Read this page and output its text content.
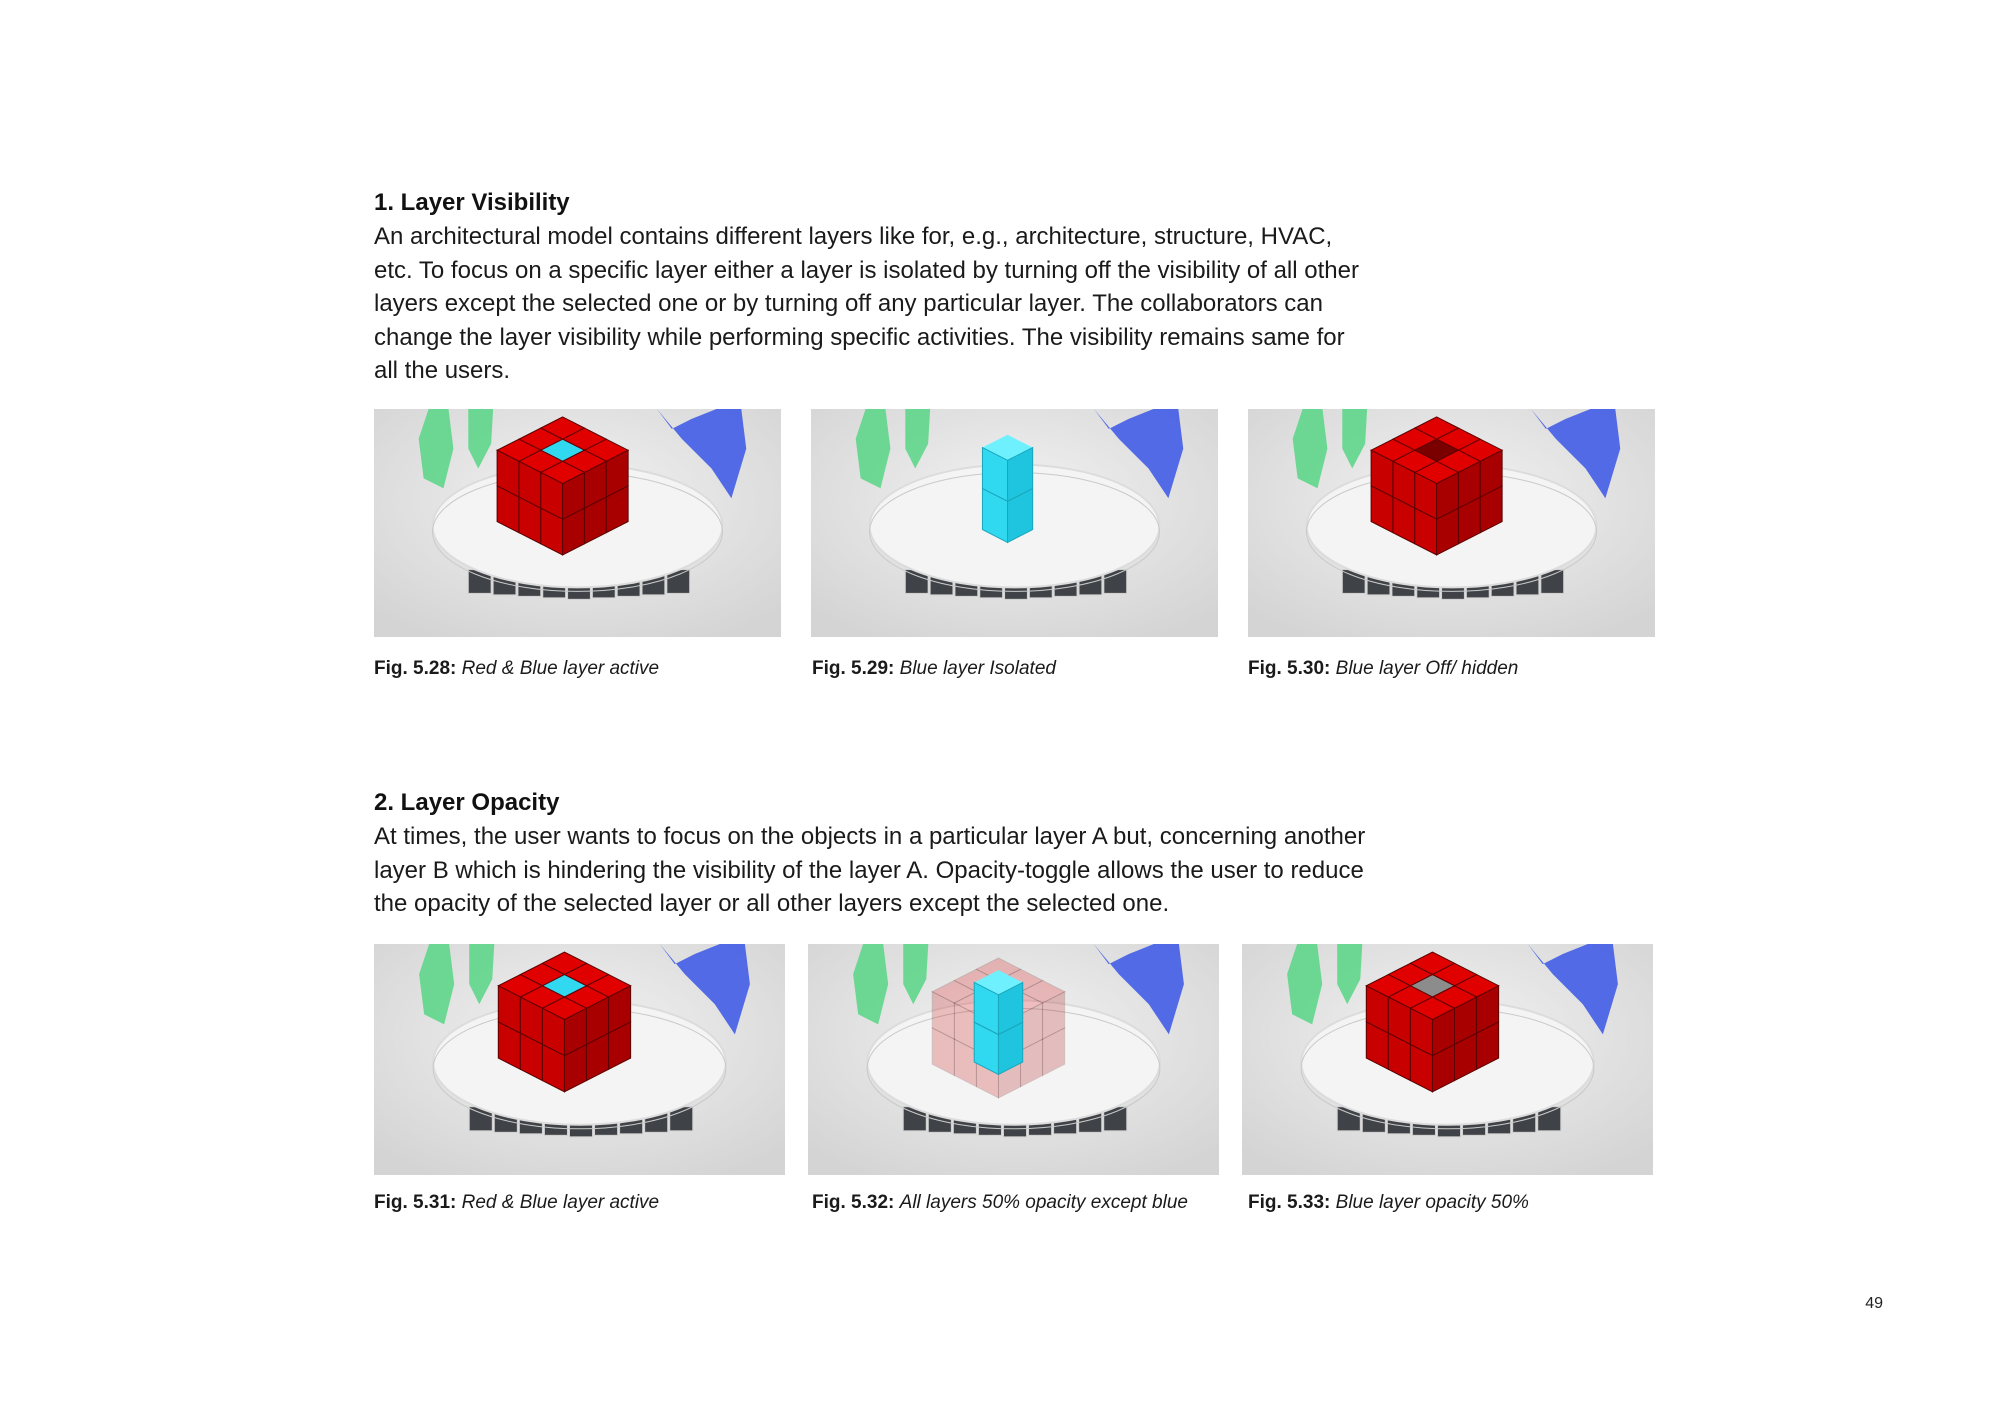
1. Layer Visibility

An architectural model contains different layers like for, e.g., architecture, structure, HVAC, etc. To focus on a specific layer either a layer is isolated by turning off the visibility of all other layers except the selected one or by turning off any particular layer. The collaborators can change the layer visibility while performing specific activities. The visibility remains same for all the users.

Fig. 5.28: Red & Blue layer active	Fig. 5.29: Blue layer Isolated	Fig. 5.30: Blue layer Off/ hidden
2. Layer Opacity

At times, the user wants to focus on the objects in a particular layer A but, concerning another layer B which is hindering the visibility of the layer A. Opacity-toggle allows the user to reduce the opacity of the selected layer or all other layers except the selected one.

Fig. 5.31: Red & Blue layer active	Fig. 5.32: All layers 50% opacity except blue	Fig. 5.33: Blue layer opacity 50%
49
